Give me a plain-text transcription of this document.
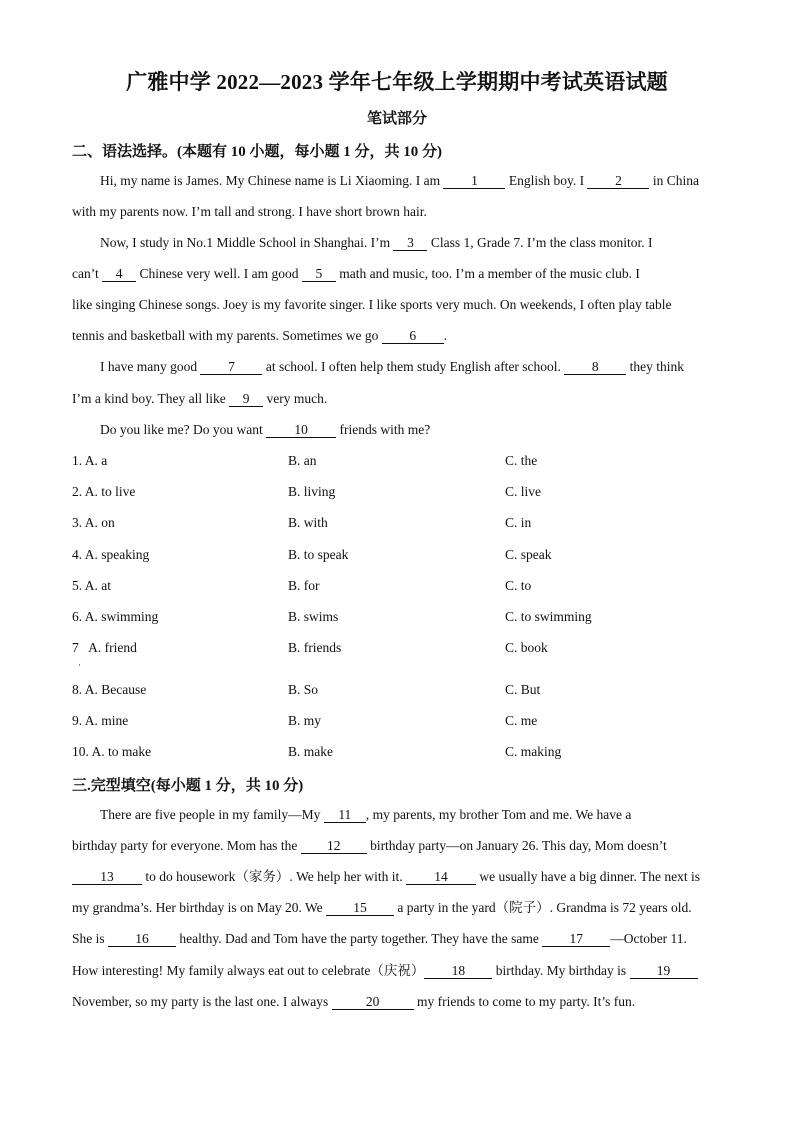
广雅中学 2022—2023 学年七年级上学期期中考试英语试题
笔试部分
二、语法选择。(本题有 10 小题，每小题 1 分，共 10 分)
Hi, my name is James. My Chinese name is Li Xiaoming. I am 1 English boy. I 2 in China
with my parents now. I’m tall and strong. I have short brown hair.
Now, I study in No.1 Middle School in Shanghai. I’m 3 Class 1, Grade 7. I’m the class monitor. I
can’t 4 Chinese very well. I am good 5 math and music, too. I’m a member of the music club. I
like singing Chinese songs. Joey is my favorite singer. I like sports very much. On weekends, I often play table
tennis and basketball with my parents. Sometimes we go 6 .
I have many good 7 at school. I often help them study English after school. 8 they think
I’m a kind boy. They all like 9 very much.
Do you like me? Do you want 10 friends with me?
1. A. a	B. an	C. the
2. A. to live	B. living	C. live
3. A. on	B. with	C. in
4. A. speaking	B. to speak	C. speak
5. A. at	B. for	C. to
6. A. swimming	B. swims	C. to swimming
7   A. friend	B. friends	C. book
·
8. A. Because	B. So	C. But
9. A. mine	B. my	C. me
10. A. to make	B. make	C. making
三.完型填空(每小题 1 分，共 10 分)
There are five people in my family—My 11 , my parents, my brother Tom and me. We have a
birthday party for everyone. Mom has the 12 birthday party—on January 26. This day, Mom doesn’t
13 to do housework（家务）. We help her with it. 14 we usually have a big dinner. The next is
my grandma’s. Her birthday is on May 20. We 15 a party in the yard（院子）. Grandma is 72 years old.
She is 16 healthy. Dad and Tom have the party together. They have the same 17 —October 11.
How interesting! My family always eat out to celebrate（庆祝） 18 birthday. My birthday is 19
November, so my party is the last one. I always	20	my friends to come to my party. It’s fun.
